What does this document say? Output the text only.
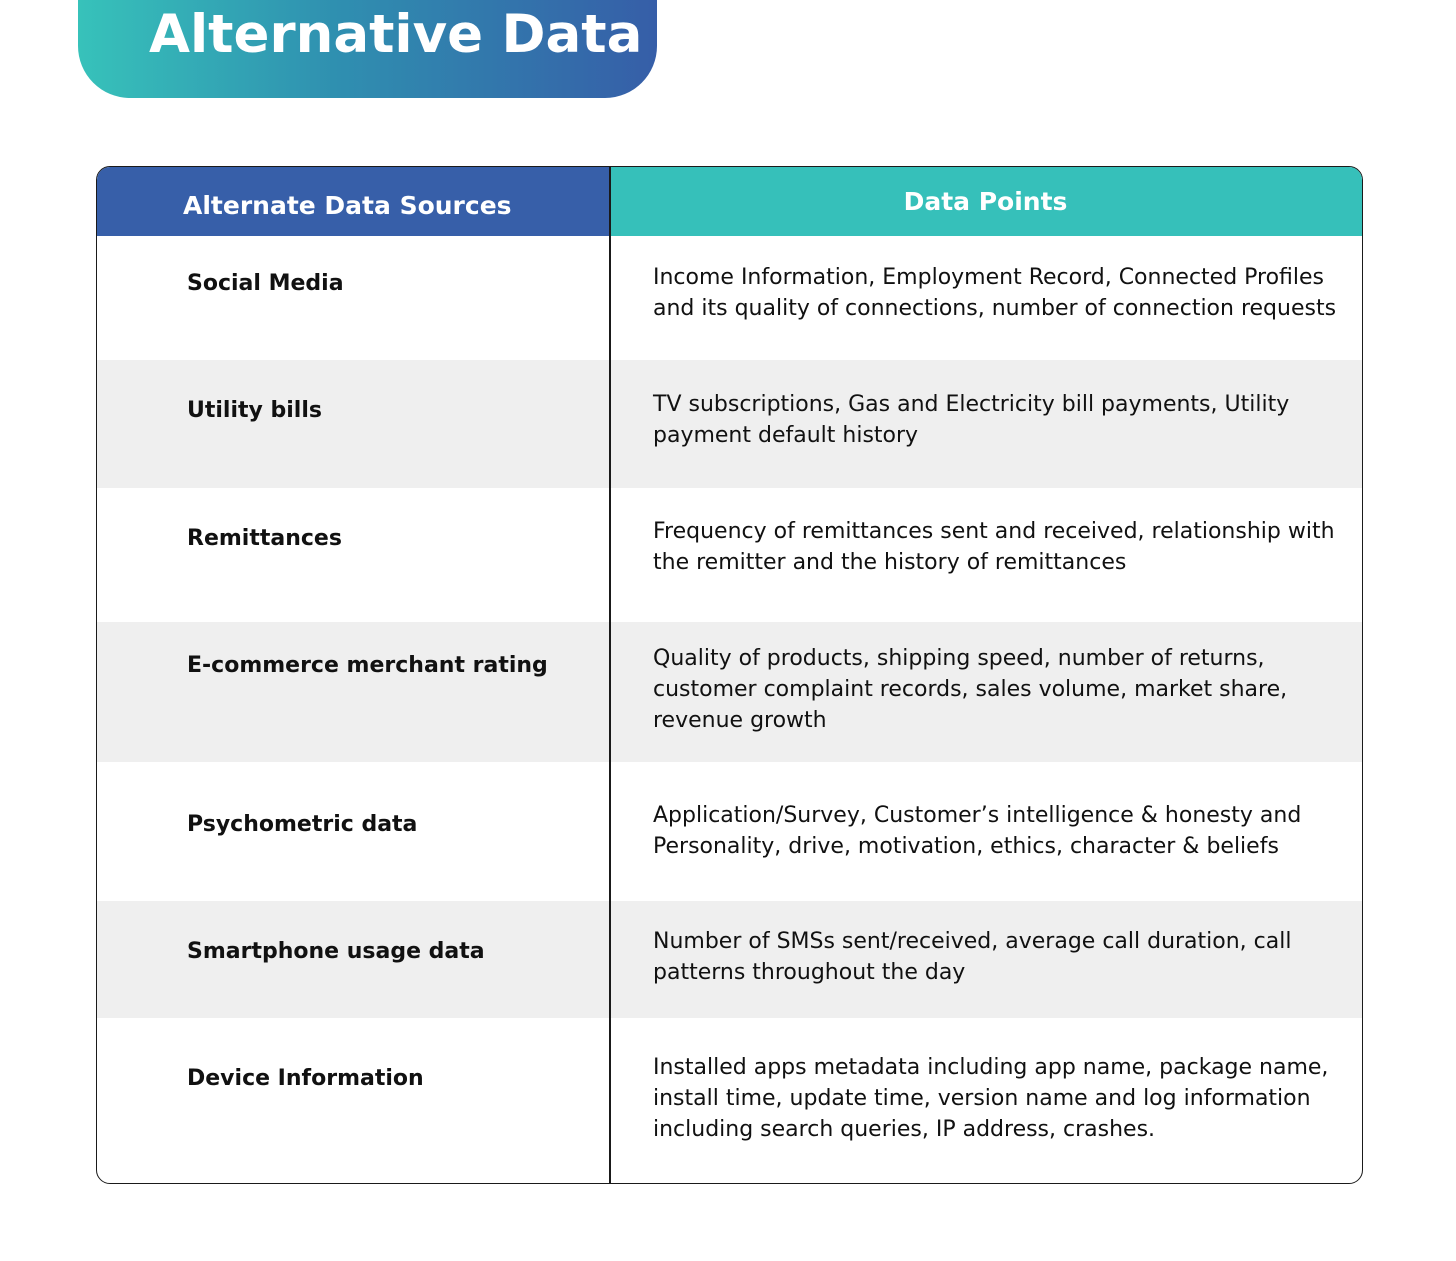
Alternative Data
Alternate Data Sources	Data Points
Social Media	Income Information, Employment Record, Connected Profiles and its quality of connections, number of connection requests
Utility bills	TV subscriptions, Gas and Electricity bill payments, Utility payment default history
Remittances	Frequency of remittances sent and received, relationship with the remitter and the history of remittances
E-commerce merchant rating	Quality of products, shipping speed, number of returns, customer complaint records, sales volume, market share, revenue growth
Psychometric data	Application/Survey, Customer’s intelligence & honesty and Personality, drive, motivation, ethics, character & beliefs
Smartphone usage data	Number of SMSs sent/received, average call duration, call patterns throughout the day
Device Information	Installed apps metadata including app name, package name, install time, update time, version name and log information including search queries, IP address, crashes.
